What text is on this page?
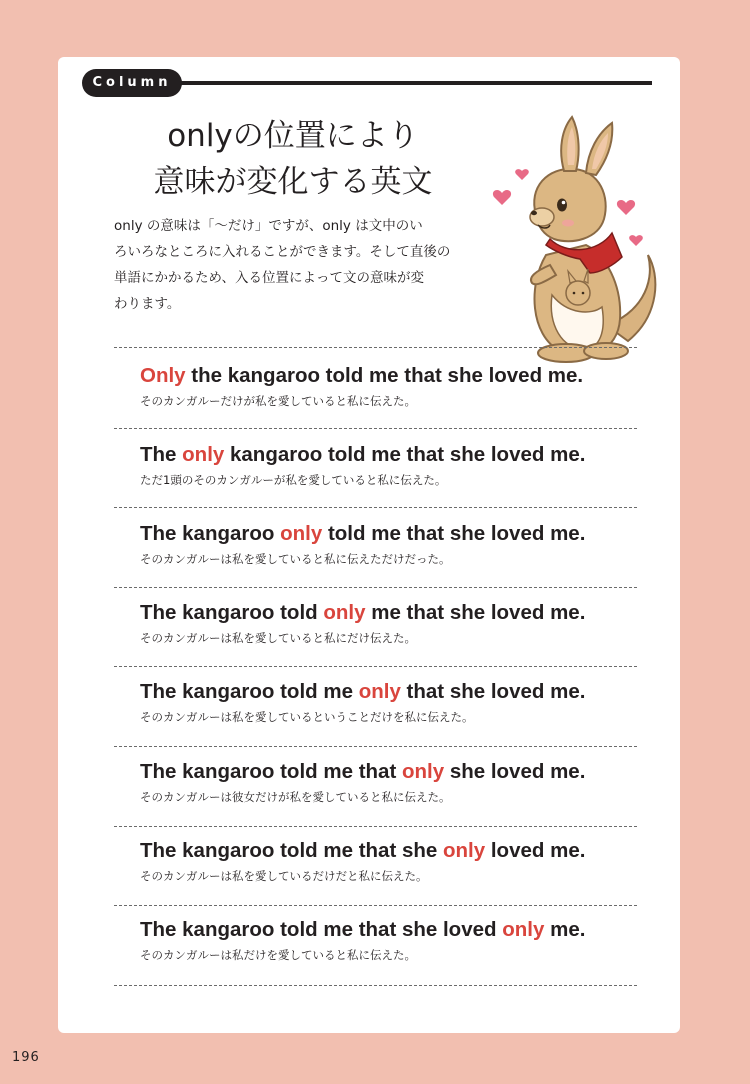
Column
onlyの位置により
意味が変化する英文
only の意味は「～だけ」ですが、only は文中のい
ろいろなところに入れることができます。そして直後の
単語にかかるため、入る位置によって文の意味が変
わります。
Only the kangaroo told me that she loved me.
そのカンガルーだけが私を愛していると私に伝えた。
The only kangaroo told me that she loved me.
ただ1頭のそのカンガルーが私を愛していると私に伝えた。
The kangaroo only told me that she loved me.
そのカンガルーは私を愛していると私に伝えただけだった。
The kangaroo told only me that she loved me.
そのカンガルーは私を愛していると私にだけ伝えた。
The kangaroo told me only that she loved me.
そのカンガルーは私を愛しているということだけを私に伝えた。
The kangaroo told me that only she loved me.
そのカンガルーは彼女だけが私を愛していると私に伝えた。
The kangaroo told me that she only loved me.
そのカンガルーは私を愛しているだけだと私に伝えた。
The kangaroo told me that she loved only me.
そのカンガルーは私だけを愛していると私に伝えた。
196
